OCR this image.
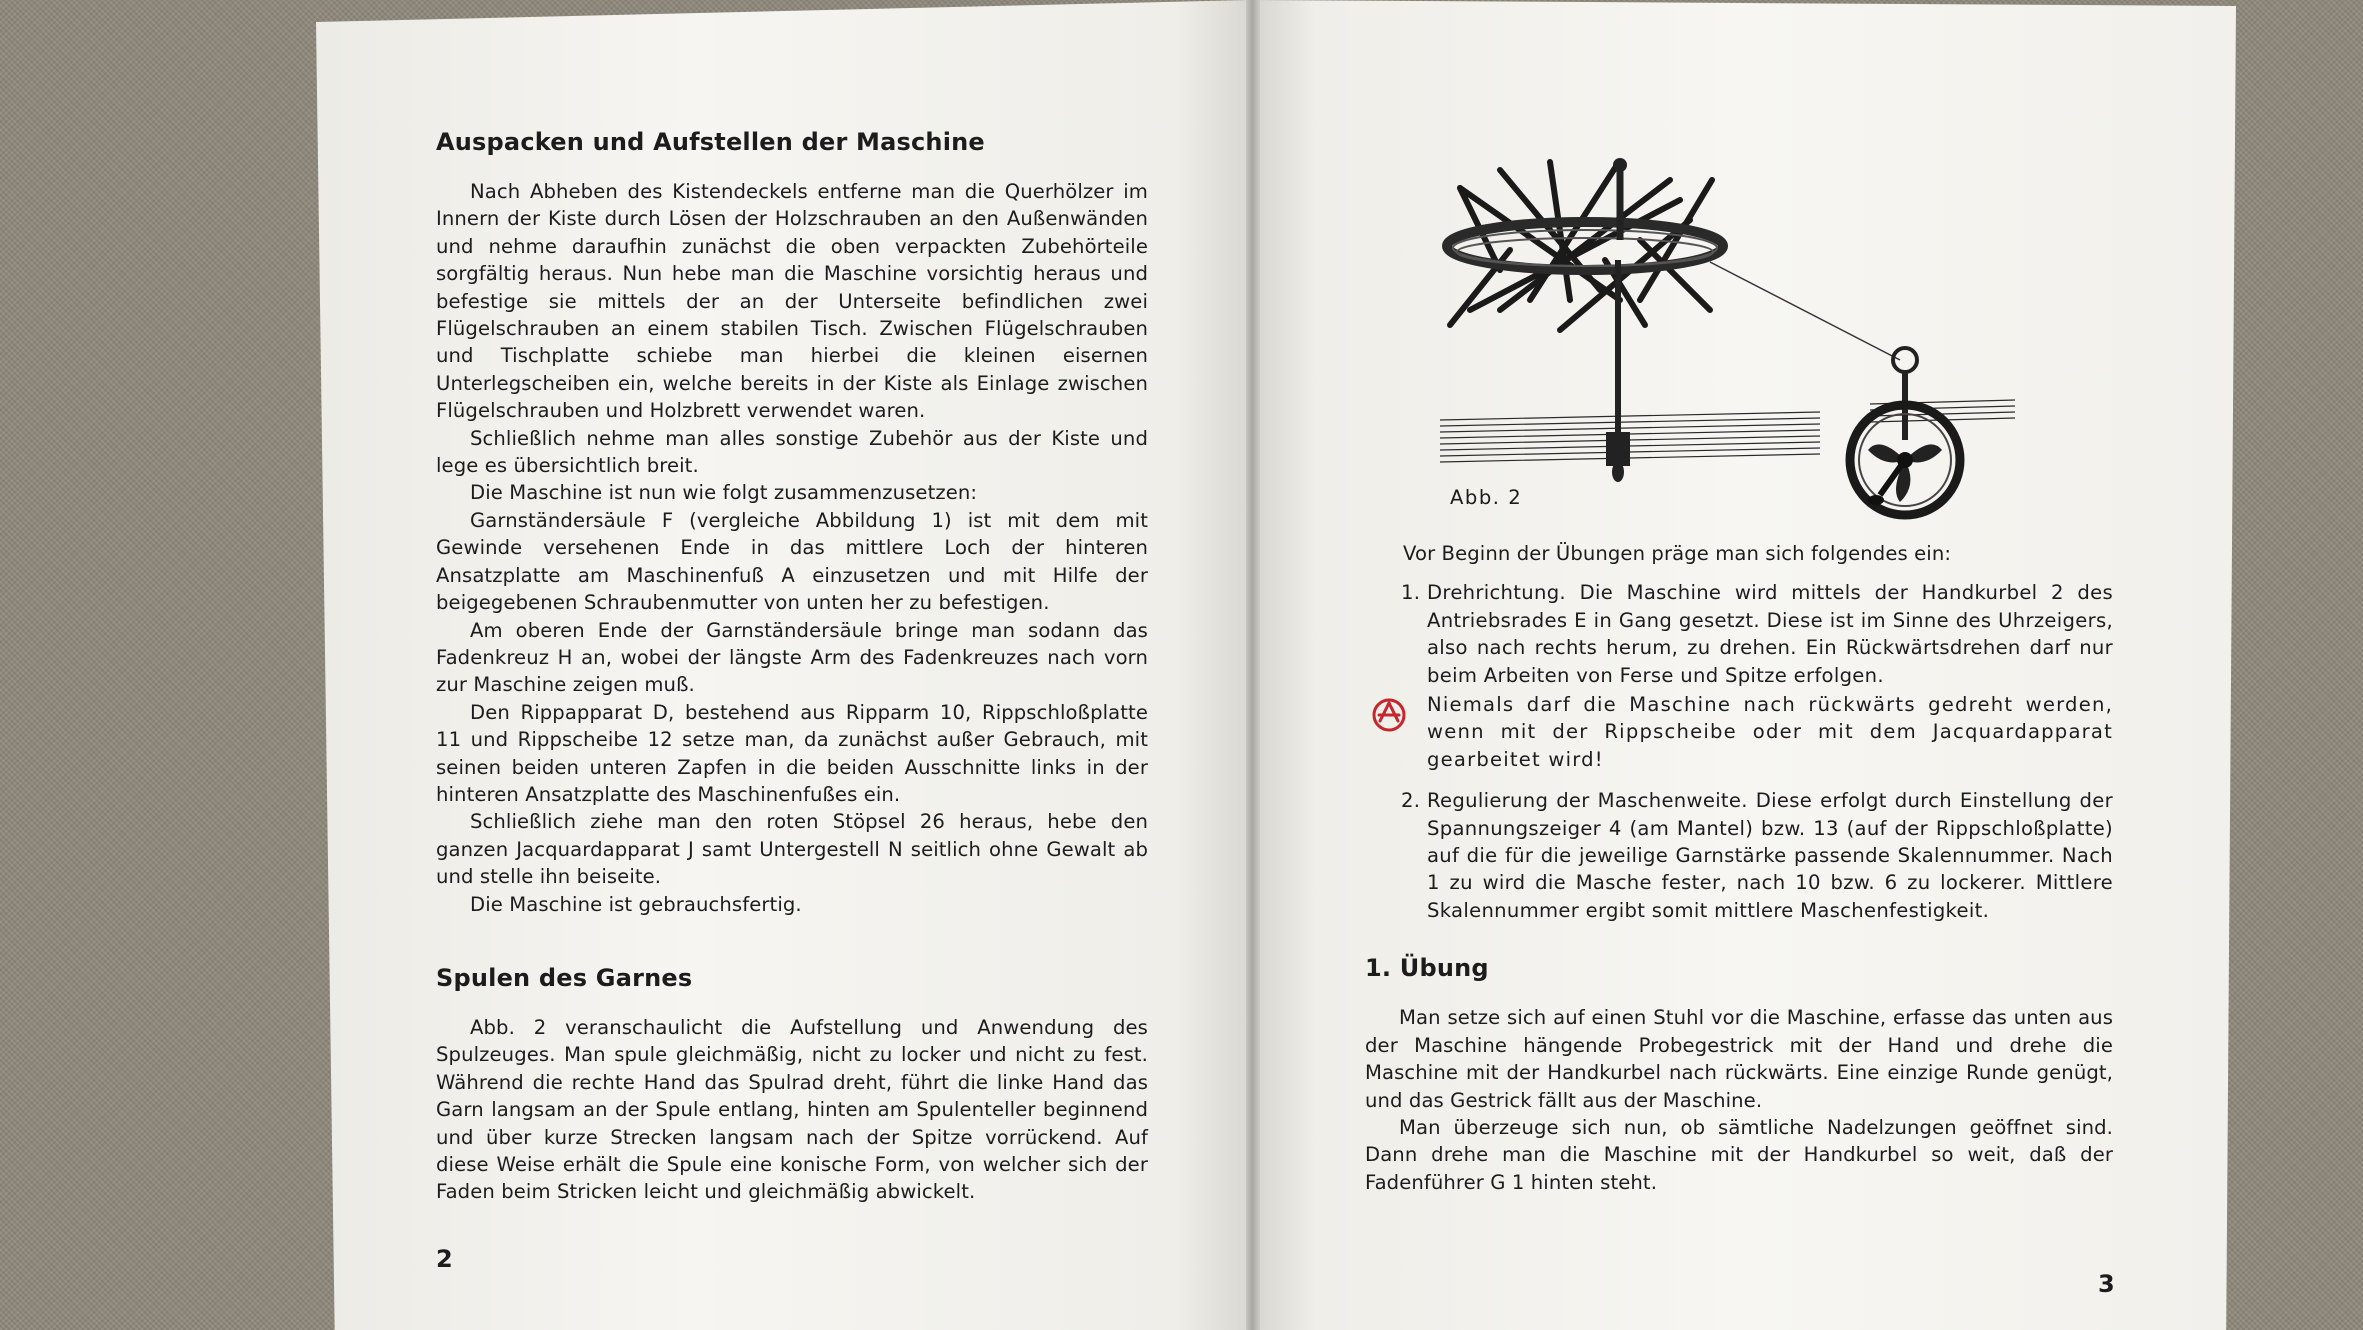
Auspacken und Aufstellen der Maschine

Nach Abheben des Kistendeckels entferne man die Querhölzer im Innern der Kiste durch Lösen der Holzschrauben an den Außenwänden und nehme daraufhin zunächst die oben verpackten Zubehörteile sorgfältig heraus. Nun hebe man die Maschine vorsichtig heraus und befestige sie mittels der an der Unterseite befindlichen zwei Flügelschrauben an einem stabilen Tisch. Zwischen Flügelschrauben und Tischplatte schiebe man hierbei die kleinen eisernen Unterlegscheiben ein, welche bereits in der Kiste als Einlage zwischen Flügelschrauben und Holzbrett verwendet waren.

Schließlich nehme man alles sonstige Zubehör aus der Kiste und lege es übersichtlich breit.

Die Maschine ist nun wie folgt zusammenzusetzen:

Garnständersäule F (vergleiche Abbildung 1) ist mit dem mit Gewinde versehenen Ende in das mittlere Loch der hinteren Ansatzplatte am Maschinenfuß A einzusetzen und mit Hilfe der beigegebenen Schraubenmutter von unten her zu befestigen.

Am oberen Ende der Garnständersäule bringe man sodann das Fadenkreuz H an, wobei der längste Arm des Fadenkreuzes nach vorn zur Maschine zeigen muß.

Den Rippapparat D, bestehend aus Ripparm 10, Rippschloßplatte 11 und Rippscheibe 12 setze man, da zunächst außer Gebrauch, mit seinen beiden unteren Zapfen in die beiden Ausschnitte links in der hinteren Ansatzplatte des Maschinenfußes ein.

Schließlich ziehe man den roten Stöpsel 26 heraus, hebe den ganzen Jacquardapparat J samt Untergestell N seitlich ohne Gewalt ab und stelle ihn beiseite.

Die Maschine ist gebrauchsfertig.

Spulen des Garnes

Abb. 2 veranschaulicht die Aufstellung und Anwendung des Spulzeuges. Man spule gleichmäßig, nicht zu locker und nicht zu fest. Während die rechte Hand das Spulrad dreht, führt die linke Hand das Garn langsam an der Spule entlang, hinten am Spulenteller beginnend und über kurze Strecken langsam nach der Spitze vorrückend. Auf diese Weise erhält die Spule eine konische Form, von welcher sich der Faden beim Stricken leicht und gleichmäßig abwickelt.

2
Abb. 2

Vor Beginn der Übungen präge man sich folgendes ein:

1. Drehrichtung. Die Maschine wird mittels der Handkurbel 2 des Antriebsrades E in Gang gesetzt. Diese ist im Sinne des Uhrzeigers, also nach rechts herum, zu drehen. Ein Rückwärtsdrehen darf nur beim Arbeiten von Ferse und Spitze erfolgen.
Niemals darf die Maschine nach rückwärts gedreht werden, wenn mit der Rippscheibe oder mit dem Jacquardapparat gearbeitet wird!
2. Regulierung der Maschenweite. Diese erfolgt durch Einstellung der Spannungszeiger 4 (am Mantel) bzw. 13 (auf der Rippschloßplatte) auf die für die jeweilige Garnstärke passende Skalennummer. Nach 1 zu wird die Masche fester, nach 10 bzw. 6 zu lockerer. Mittlere Skalennummer ergibt somit mittlere Maschenfestigkeit.
1. Übung

Man setze sich auf einen Stuhl vor die Maschine, erfasse das unten aus der Maschine hängende Probegestrick mit der Hand und drehe die Maschine mit der Handkurbel nach rückwärts. Eine einzige Runde genügt, und das Gestrick fällt aus der Maschine.

Man überzeuge sich nun, ob sämtliche Nadelzungen geöffnet sind. Dann drehe man die Maschine mit der Handkurbel so weit, daß der Fadenführer G 1 hinten steht.

3
